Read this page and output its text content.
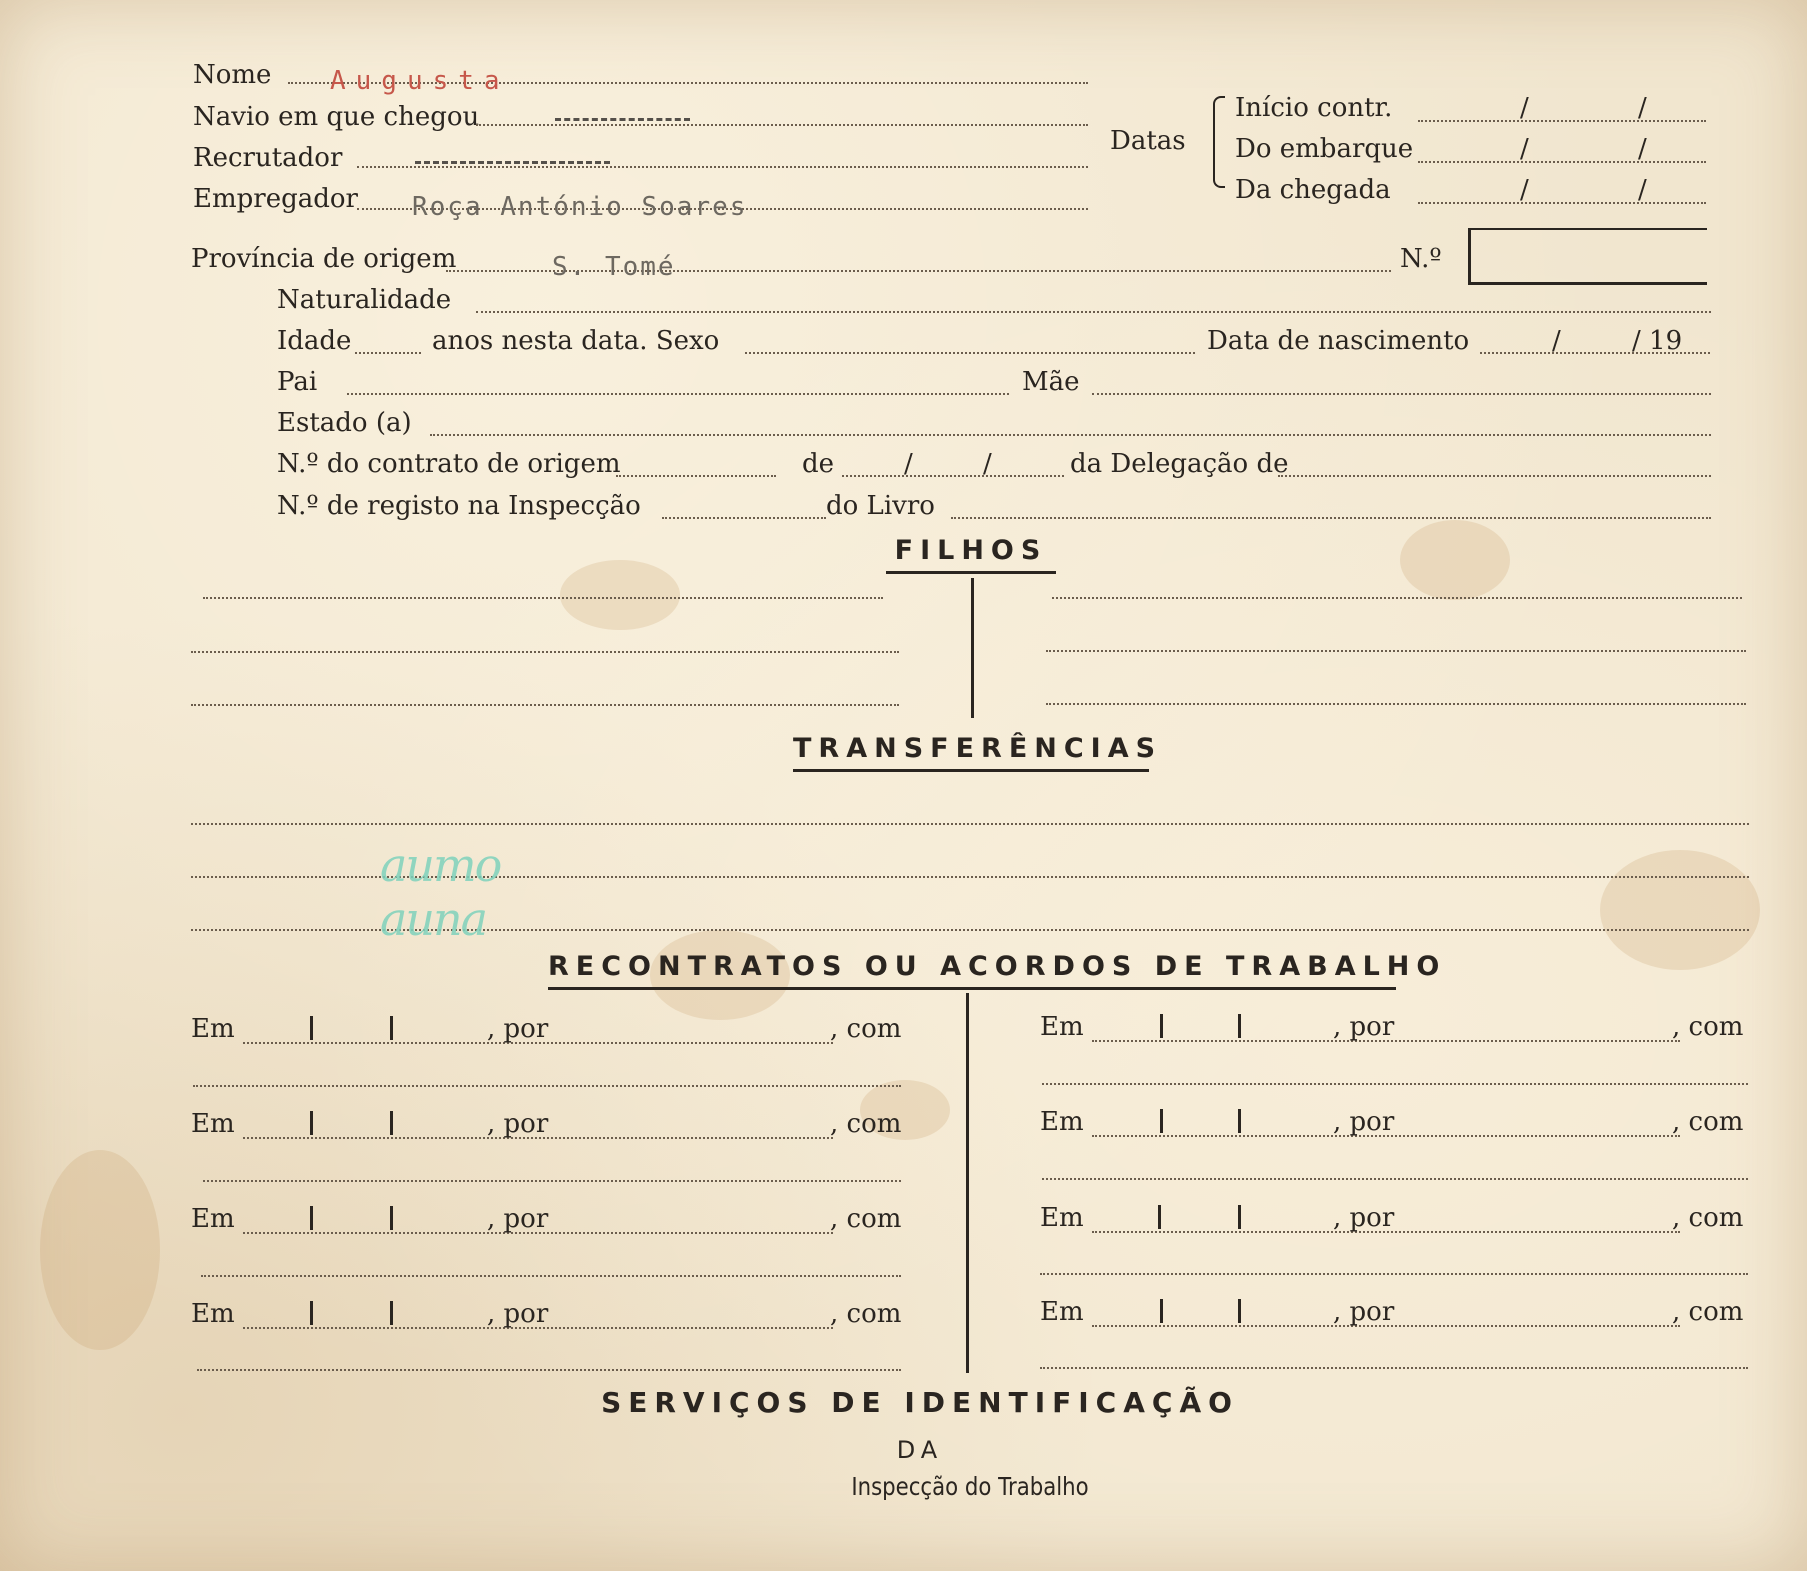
Nome Augusta
Navio em que chegou
Recrutador
Empregador Roça António Soares
Datas
Início contr.	/	/
Do embarque	/	/
Da chegada	/	/
Província de origem	S. Tomé	N.º
Naturalidade
Idade	anos nesta data. Sexo	Data de nascimento	/	/ 19
Pai	Mãe
Estado (a)
N.º do contrato de origem	de	/	/	da Delegação de
N.º de registo na Inspecção	do Livro
FILHOS
TRANSFERÊNCIAS
aumo
auna
RECONTRATOS OU ACORDOS DE TRABALHO
Em	, por	, com
Em	, por	, com
Em	, por	, com
Em	, por	, com
Em	, por	, com
Em	, por	, com
Em	, por	, com
Em	, por	, com
SERVIÇOS DE IDENTIFICAÇÃO
DA
Inspecção do Trabalho
